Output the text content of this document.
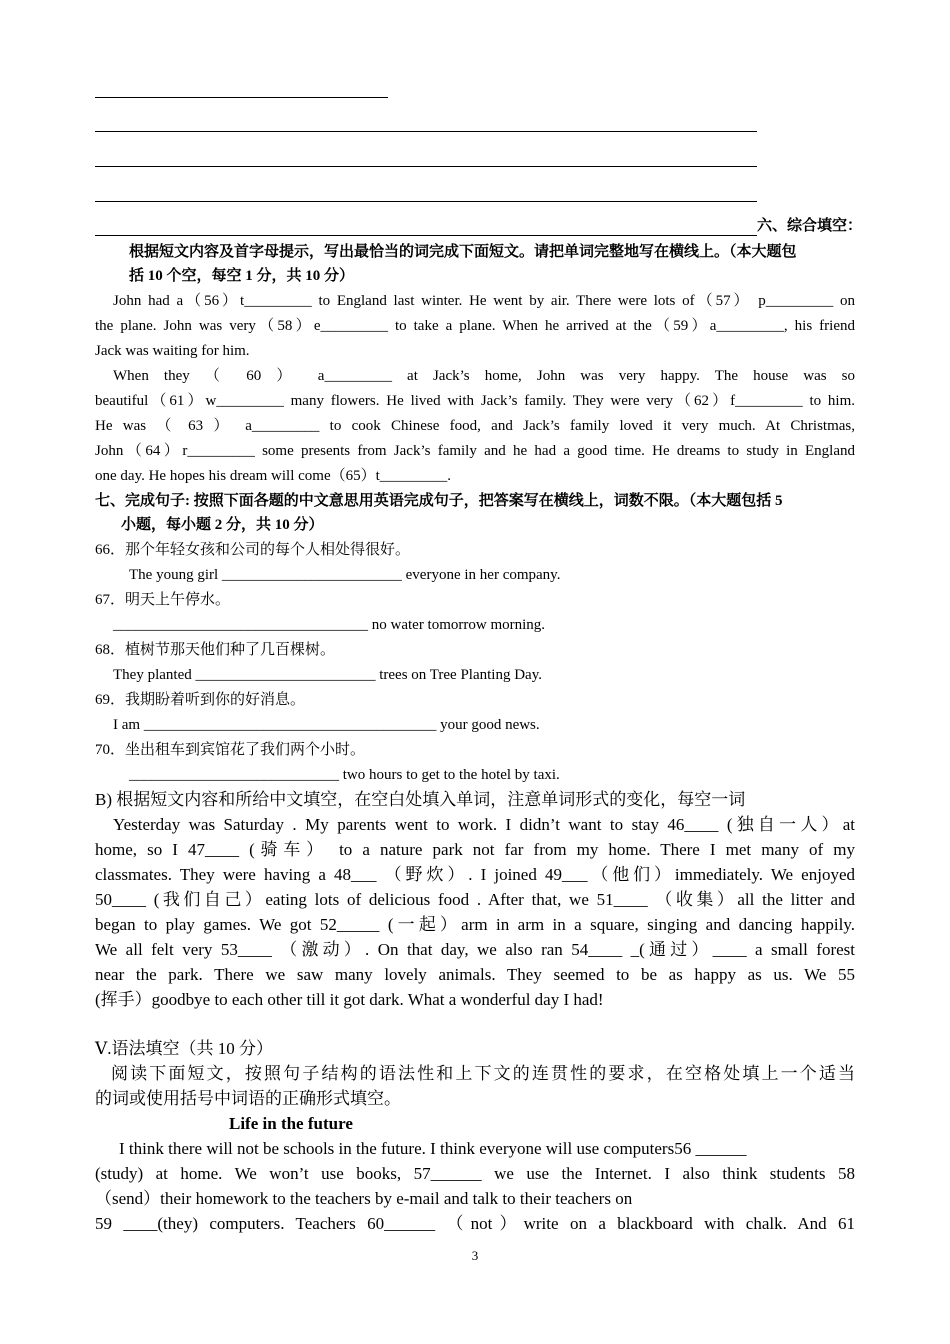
六、综合填空：
根据短文内容及首字母提示，写出最恰当的词完成下面短文。请把单词完整地写在横线上。（本大题包
括 10 个空，每空 1 分，共 10 分）
John had a（56）t_________ to England last winter. He went by air. There were lots of（57） p_________ on
the plane. John was very（58）e_________ to take a plane. When he arrived at the（59）a_________, his friend
Jack was waiting for him.
When they （ 60 ） a_________ at Jack’s home, John was very happy. The house was so
beautiful（61）w_________ many flowers. He lived with Jack’s family. They were very（62）f_________ to him.
He was （ 63 ） a_________ to cook Chinese food, and Jack’s family loved it very much. At Christmas,
John（64）r_________ some presents from Jack’s family and he had a good time. He dreams to study in England
one day. He hopes his dream will come（65）t_________.
七、完成句子: 按照下面各题的中文意思用英语完成句子，把答案写在横线上，词数不限。（本大题包括 5
小题，每小题 2 分，共 10 分）
66．那个年轻女孩和公司的每个人相处得很好。
The young girl ________________________ everyone in her company.
67．明天上午停水。
__________________________________ no water tomorrow morning.
68．植树节那天他们种了几百棵树。
They planted ________________________ trees on Tree Planting Day.
69．我期盼着听到你的好消息。
I am _______________________________________ your good news.
70．坐出租车到宾馆花了我们两个小时。
____________________________ two hours to get to the hotel by taxi.
B) 根据短文内容和所给中文填空，在空白处填入单词，注意单词形式的变化，每空一词
Yesterday was Saturday . My parents went to work. I didn’t want to stay 46____ (独自一人）at
home, so I 47____ (骑车） to a nature park not far from my home. There I met many of my
classmates. They were having a 48___ （野炊）. I joined 49___（他们）immediately. We enjoyed
50____ (我们自己）eating lots of delicious food . After that, we 51____ （收集）all the litter and
began to play games. We got 52_____ (一起）arm in arm in a square, singing and dancing happily.
We all felt very 53____ （激动）. On that day, we also ran 54____ _(通过）____ a small forest
near the park. There we saw many lovely animals. They seemed to be as happy as us. We 55
(挥手）goodbye to each other till it got dark. What a wonderful day I had!
Ⅴ.语法填空（共 10 分）
阅读下面短文，按照句子结构的语法性和上下文的连贯性的要求，在空格处填上一个适当
的词或使用括号中词语的正确形式填空。
Life in the future
I think there will not be schools in the future. I think everyone will use computers56 ______
(study) at home. We won’t use books, 57______ we use the Internet. I also think students 58
（send）their homework to the teachers by e-mail and talk to their teachers on
59 ____(they) computers. Teachers 60______ （not）write on a blackboard with chalk. And 61
3
